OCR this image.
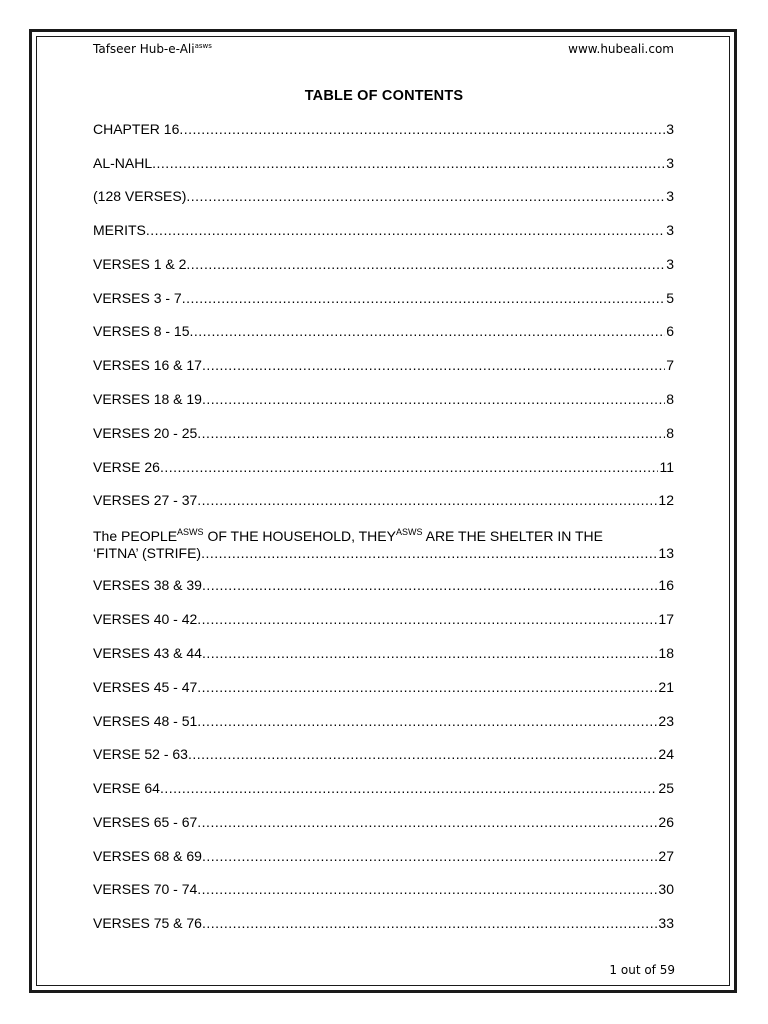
Tafseer Hub-e-Ali$^{asws}$	www.hubeali.com
TABLE OF CONTENTS
CHAPTER 16 .....	3
AL-NAHL .....	3
(128 VERSES) .....	3
MERITS .....	3
VERSES 1 & 2 .....	3
VERSES 3 - 7 .....	5
VERSES 8 - 15 .....	6
VERSES 16 & 17 .....	7
VERSES 18 & 19 .....	8
VERSES 20 - 25 .....	8
VERSE 26 .....	11
VERSES 27 - 37 .....	12
The $PEOPLE^{ASWS}$ OF THE HOUSEHOLD, $THEY^{ASWS}$ ARE THE SHELTER IN THE
‘FITNA’ (STRIFE) .....	13
VERSES 38 & 39 .....	16
VERSES 40 - 42 .....	17
VERSES 43 & 44 .....	18
VERSES 45 - 47 .....	21
VERSES 48 - 51 .....	23
VERSE 52 - 63 .....	24
VERSE 64 .....	25
VERSES 65 - 67 .....	26
VERSES 68 & 69 .....	27
VERSES 70 - 74 .....	30
VERSES 75 & 76 .....	33
1 out of 59
